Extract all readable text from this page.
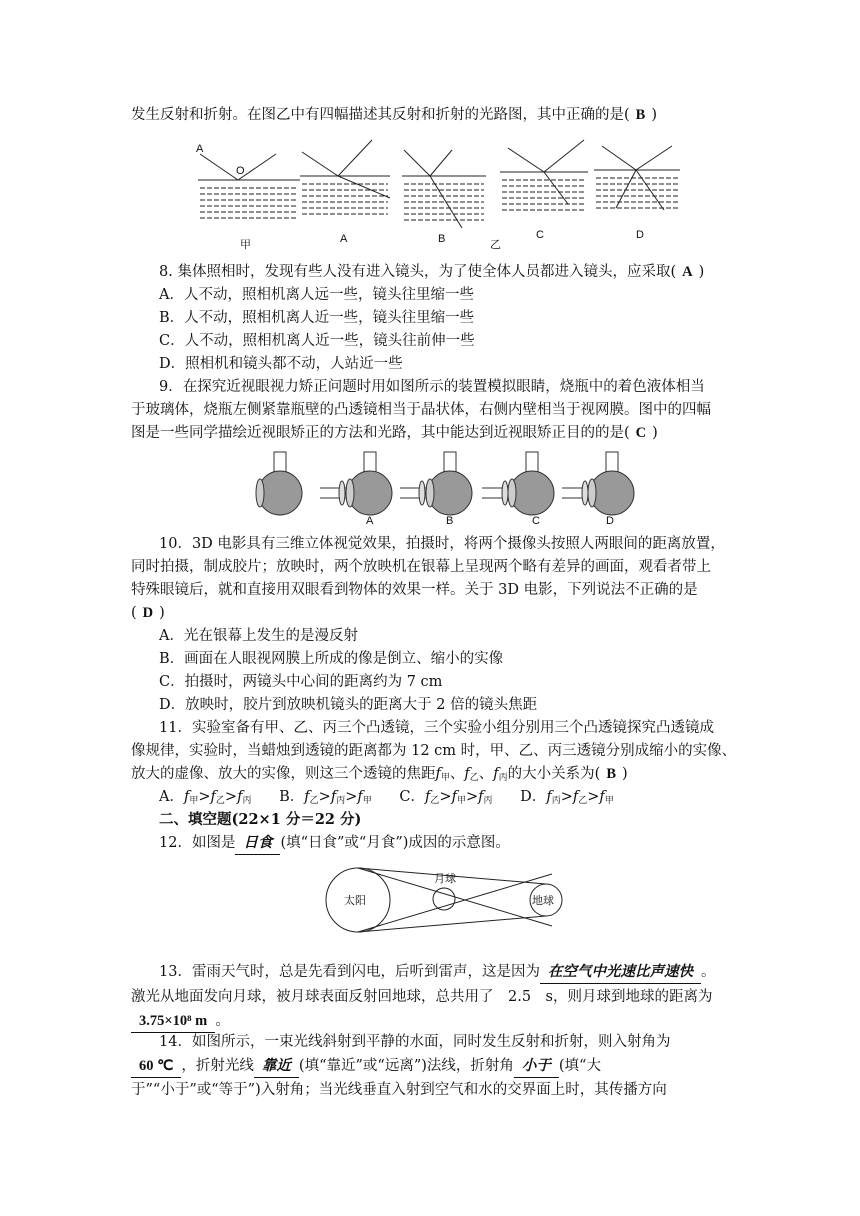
发生反射和折射。在图乙中有四幅描述其反射和折射的光路图，其中正确的是( B )
A
O
甲	A	B	乙
C	D
8. 集体照相时，发现有些人没有进入镜头，为了使全体人员都进入镜头，应采取( A )
A．人不动，照相机离人远一些，镜头往里缩一些
B．人不动，照相机离人近一些，镜头往里缩一些
C．人不动，照相机离人近一些，镜头往前伸一些
D．照相机和镜头都不动，人站近一些
9．在探究近视眼视力矫正问题时用如图所示的装置模拟眼睛，烧瓶中的着色液体相当
于玻璃体，烧瓶左侧紧靠瓶壁的凸透镜相当于晶状体，右侧内壁相当于视网膜。图中的四幅
图是一些同学描绘近视眼矫正的方法和光路，其中能达到近视眼矫正目的的是( C )
A	B	C	D
10．3D 电影具有三维立体视觉效果，拍摄时，将两个摄像头按照人两眼间的距离放置，
同时拍摄，制成胶片；放映时，两个放映机在银幕上呈现两个略有差异的画面，观看者带上
特殊眼镜后，就和直接用双眼看到物体的效果一样。关于 3D 电影，下列说法不正确的是
( D )
A．光在银幕上发生的是漫反射
B．画面在人眼视网膜上所成的像是倒立、缩小的实像
C．拍摄时，两镜头中心间的距离约为 7 cm
D．放映时，胶片到放映机镜头的距离大于 2 倍的镜头焦距
11．实验室备有甲、乙、丙三个凸透镜，三个实验小组分别用三个凸透镜探究凸透镜成
像规律，实验时，当蜡烛到透镜的距离都为 12 cm 时，甲、乙、丙三透镜分别成缩小的实像、
放大的虚像、放大的实像，则这三个透镜的焦距$f_甲$、$f_乙$、$f_丙$的大小关系为( B )
A．$f_甲>f_乙>f_丙$ B．$f_乙>f_丙>f_甲$ C．$f_乙>f_甲>f_丙$ D．$f_丙>f_乙>f_甲$
二、填空题(22×1 分＝22 分)
12．如图是 日食 (填“日食”或“月食”)成因的示意图。
太阳
月球
地球
13．雷雨天气时，总是先看到闪电，后听到雷声，这是因为 在空气中光速比声速快 。
激光从地面发向月球，被月球表面反射回地球，总共用了　2.5　s，则月球到地球的距离为
3.75×10⁸ m 。
14．如图所示，一束光线斜射到平静的水面，同时发生反射和折射，则入射角为
60 ℃ ，折射光线 靠近 (填“靠近”或“远离”)法线，折射角 小于 (填“大
于”“小于”或“等于”)入射角；当光线垂直入射到空气和水的交界面上时，其传播方向
